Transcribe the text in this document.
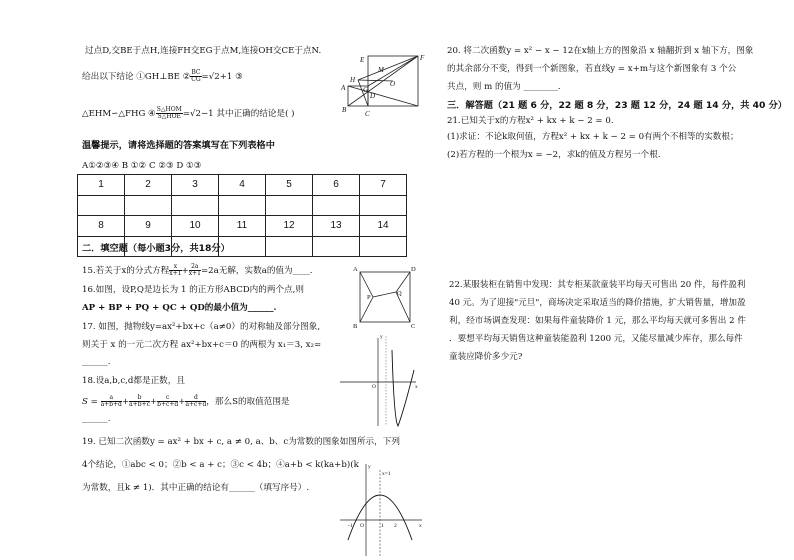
过点D,交BE于点H,连接FH交EG于点M,连接OH交CE于点N.
给出以下结论 ①GH⊥BE ② $\frac{BC}{CG} =√2+1$ ③
△EHM∽△FHG ④ $\frac{\text{S△HOM}}{\text{S△HOE}} =√2-1$ 其中正确的结论是( )
H
E
M
G
O
F
A
B
D
C
温馨提示，请将选择题的答案填写在下列表格中
A①②③④ B ①② C ②③ D ①③
1	2	3	4	5	6	7

8	9	10	11	12	13	14

二．填空题（每小题3分，共18分）
15.若关于x的分式方程 $\frac{x}{x+1} + \frac{2a}{x+1} =2a$无解，实数a的值为____.
16.如图，设P,Q是边长为 1 的正方形ABCD内的两个点,则
AP + BP + PQ + QC + QD的最小值为______.
A	D
B	C
P
Q
17. 如图，抛物线y=ax²+bx+c（a≠0）的对称轴及部分图象,
则关于 x 的一元二次方程 ax²+bx+c＝0 的两根为 x₁＝3, x₂=
______.
O	x
y
18.设a,b,c,d都是正数，且
$S = \frac{a}{a+b+d} + \frac{b}{a+b+c} + \frac{c}{b+c+d} + \frac{d}{a+c+d}$ ，那么S的取值范围是
______.
19. 已知二次函数y = ax² + bx + c, a ≠ 0, a、b、c为常数的图象如图所示，下列
4个结论，①abc < 0；②b < a + c；③c < 4b；④a+b < k(ka+b)(k
为常数，且k ≠ 1)．其中正确的结论有______（填写序号）.
y
x=1
-1 O	1 2	x
20. 将二次函数y = x² − x − 12在x轴上方的图象沿 x 轴翻折到 x 轴下方，图象
的其余部分不变，得到一个新图象，若直线y = x+m与这个新图象有 3 个公
共点，则 m 的值为 ________.
三．解答题（21 题 6 分，22 题 8 分，23 题 12 分，24 题 14 分，共 40 分）
21.已知关于x的方程x² + kx + k − 2 = 0.
(1)求证：不论k取何值，方程x² + kx + k − 2 = 0有两个不相等的实数根；
(2)若方程的一个根为x = −2，求k的值及方程另一个根.
22.某服装柜在销售中发现：其专柜某款童装平均每天可售出 20 件，每件盈利
40 元。为了迎接"元旦"，商场决定采取适当的降价措施，扩大销售量，增加盈
利，经市场调查发现：如果每件童装降价 1 元，那么平均每天就可多售出 2 件
．要想平均每天销售这种童装能盈利 1200 元，又能尽量减少库存，那么每件
童装应降价多少元?
